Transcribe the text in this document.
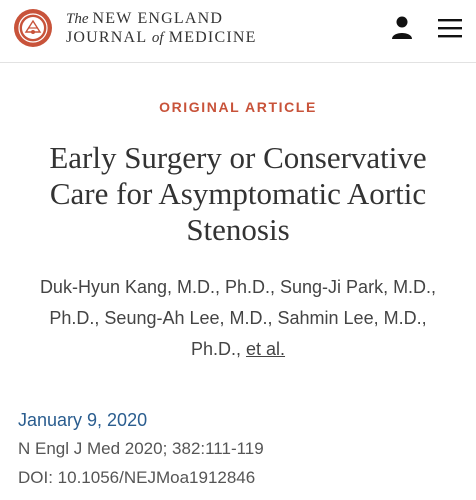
The NEW ENGLAND
JOURNAL of MEDICINE
ORIGINAL ARTICLE
Early Surgery or Conservative Care for Asymptomatic Aortic Stenosis
Duk-Hyun Kang, M.D., Ph.D., Sung-Ji Park, M.D., Ph.D., Seung-Ah Lee, M.D., Sahmin Lee, M.D., Ph.D., et al.
January 9, 2020
N Engl J Med 2020; 382:111-119
DOI: 10.1056/NEJMoa1912846
